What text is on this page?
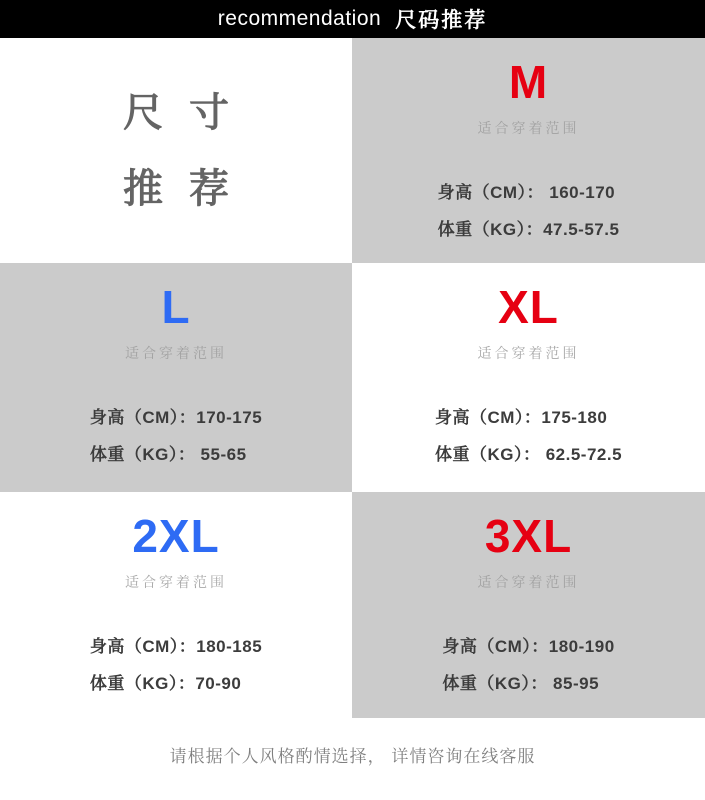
recommendation 尺码推荐
尺寸
推荐
M
适合穿着范围
身高（CM）： 160-170
体重（KG）：47.5-57.5
L
适合穿着范围
身高（CM）：170-175
体重（KG）： 55-65
XL
适合穿着范围
身高（CM）：175-180
体重（KG）： 62.5-72.5
2XL
适合穿着范围
身高（CM）：180-185
体重（KG）：70-90
3XL
适合穿着范围
身高（CM）：180-190
体重（KG）： 85-95
请根据个人风格酌情选择， 详情咨询在线客服
